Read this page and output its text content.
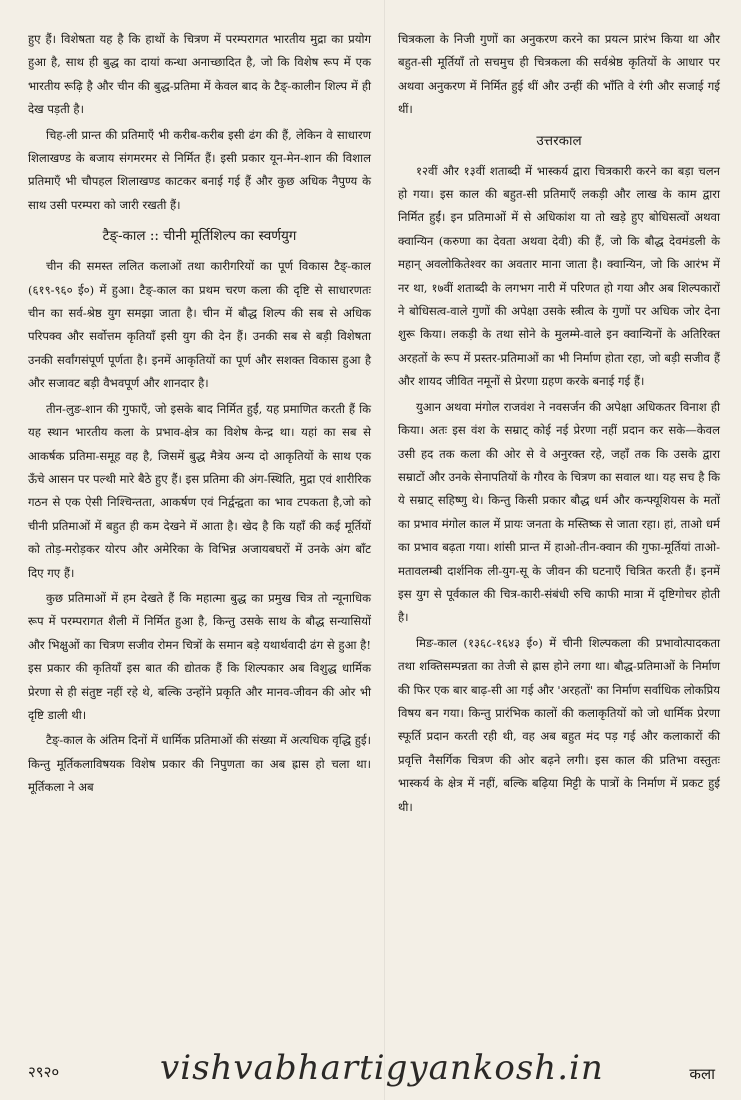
हुए हैं। विशेषता यह है कि हाथों के चित्रण में परम्परागत भारतीय मुद्रा का प्रयोग हुआ है, साथ ही बुद्ध का दायां कन्धा अनाच्छादित है, जो कि विशेष रूप में एक भारतीय रूढ़ि है और चीन की बुद्ध-प्रतिमा में केवल बाद के टैङ्-कालीन शिल्प में ही देख पड़ती है।

चिह-ली प्रान्त की प्रतिमाएँ भी करीब-करीब इसी ढंग की हैं, लेकिन वे साधारण शिलाखण्ड के बजाय संगमरमर से निर्मित हैं। इसी प्रकार यून-मेन-शान की विशाल प्रतिमाएँ भी चौपहल शिलाखण्ड काटकर बनाई गई हैं और कुछ अधिक नैपुण्य के साथ उसी परम्परा को जारी रखती हैं।

टैङ्-काल :: चीनी मूर्तिशिल्प का स्वर्णयुग

चीन की समस्त ललित कलाओं तथा कारीगरियों का पूर्ण विकास टैङ्-काल (६१९-९६० ई०) में हुआ। टैङ्-काल का प्रथम चरण कला की दृष्टि से साधारणतः चीन का सर्व-श्रेष्ठ युग समझा जाता है। चीन में बौद्ध शिल्प की सब से अधिक परिपक्व और सर्वोत्तम कृतियाँ इसी युग की देन हैं। उनकी सब से बड़ी विशेषता उनकी सर्वांगसंपूर्ण पूर्णता है। इनमें आकृतियों का पूर्ण और सशक्त विकास हुआ है और सजावट बड़ी वैभवपूर्ण और शानदार है।

तीन-लुङ-शान की गुफाएँ, जो इसके बाद निर्मित हुईं, यह प्रमाणित करती हैं कि यह स्थान भारतीय कला के प्रभाव-क्षेत्र का विशेष केन्द्र था। यहां का सब से आकर्षक प्रतिमा-समूह वह है, जिसमें बुद्ध मैत्रेय अन्य दो आकृतियों के साथ एक ऊँचे आसन पर पल्थी मारे बैठे हुए हैं। इस प्रतिमा की अंग-स्थिति, मुद्रा एवं शारीरिक गठन से एक ऐसी निश्चिन्तता, आकर्षण एवं निर्द्वन्द्वता का भाव टपकता है,जो को चीनी प्रतिमाओं में बहुत ही कम देखने में आता है। खेद है कि यहाँ की कई मूर्तियों को तोड़-मरोड़कर योरप और अमेरिका के विभिन्न अजायबघरों में उनके अंग बाँट दिए गए हैं।

कुछ प्रतिमाओं में हम देखते हैं कि महात्मा बुद्ध का प्रमुख चित्र तो न्यूनाधिक रूप में परम्परागत शैली में निर्मित हुआ है, किन्तु उसके साथ के बौद्ध सन्यासियों और भिक्षुओं का चित्रण सजीव रोमन चित्रों के समान बड़े यथार्थवादी ढंग से हुआ है! इस प्रकार की कृतियाँ इस बात की द्योतक हैं कि शिल्पकार अब विशुद्ध धार्मिक प्रेरणा से ही संतुष्ट नहीं रहे थे, बल्कि उन्होंने प्रकृति और मानव-जीवन की ओर भी दृष्टि डाली थी।

टैङ्-काल के अंतिम दिनों में धार्मिक प्रतिमाओं की संख्या में अत्यधिक वृद्धि हुई। किन्तु मूर्तिकलाविषयक विशेष प्रकार की निपुणता का अब ह्रास हो चला था। मूर्तिकला ने अब

चित्रकला के निजी गुणों का अनुकरण करने का प्रयत्न प्रारंभ किया था और बहुत-सी मूर्तियाँ तो सचमुच ही चित्रकला की सर्वश्रेष्ठ कृतियों के आधार पर अथवा अनुकरण में निर्मित हुई थीं और उन्हीं की भाँति वे रंगी और सजाई गई थीं।

उत्तरकाल

१२वीं और १३वीं शताब्दी में भास्कर्य द्वारा चित्रकारी करने का बड़ा चलन हो गया। इस काल की बहुत-सी प्रतिमाएँ लकड़ी और लाख के काम द्वारा निर्मित हुईं। इन प्रतिमाओं में से अधिकांश या तो खड़े हुए बोधिसत्वों अथवा क्वान्यिन (करुणा का देवता अथवा देवी) की हैं, जो कि बौद्ध देवमंडली के महान् अवलोकितेश्वर का अवतार माना जाता है। क्वान्यिन, जो कि आरंभ में नर था, १७वीं शताब्दी के लगभग नारी में परिणत हो गया और अब शिल्पकारों ने बोधिसत्व-वाले गुणों की अपेक्षा उसके स्त्रीत्व के गुणों पर अधिक जोर देना शुरू किया। लकड़ी के तथा सोने के मुलम्मे-वाले इन क्वान्यिनों के अतिरिक्त अरहतों के रूप में प्रस्तर-प्रतिमाओं का भी निर्माण होता रहा, जो बड़ी सजीव हैं और शायद जीवित नमूनों से प्रेरणा ग्रहण करके बनाई गई हैं।

युआन अथवा मंगोल राजवंश ने नवसर्जन की अपेक्षा अधिकतर विनाश ही किया। अतः इस वंश के सम्राट् कोई नई प्रेरणा नहीं प्रदान कर सके—केवल उसी हद तक कला की ओर से वे अनुरक्त रहे, जहाँ तक कि उसके द्वारा सम्राटों और उनके सेनापतियों के गौरव के चित्रण का सवाल था। यह सच है कि ये सम्राट् सहिष्णु थे। किन्तु किसी प्रकार बौद्ध धर्म और कन्फ्यूशियस के मतों का प्रभाव मंगोल काल में प्रायः जनता के मस्तिष्क से जाता रहा। हां, ताओ धर्म का प्रभाव बढ़ता गया। शांसी प्रान्त में हाओ-तीन-क्वान की गुफा-मूर्तियां ताओ-मतावलम्बी दार्शनिक ली-युग-सू के जीवन की घटनाएँ चित्रित करती हैं। इनमें इस युग से पूर्वकाल की चित्र-कारी-संबंधी रुचि काफी मात्रा में दृष्टिगोचर होती है।

मिङ-काल (१३६८-१६४३ ई०) में चीनी शिल्पकला की प्रभावोत्पादकता तथा शक्तिसम्पन्नता का तेजी से ह्रास होने लगा था। बौद्ध-प्रतिमाओं के निर्माण की फिर एक बार बाढ़-सी आ गई और 'अरहतों' का निर्माण सर्वाधिक लोकप्रिय विषय बन गया। किन्तु प्रारंभिक कालों की कलाकृतियों को जो धार्मिक प्रेरणा स्फूर्ति प्रदान करती रही थी, वह अब बहुत मंद पड़ गई और कलाकारों की प्रवृत्ति नैसर्गिक चित्रण की ओर बढ़ने लगी। इस काल की प्रतिभा वस्तुतः भास्कर्य के क्षेत्र में नहीं, बल्कि बढ़िया मिट्टी के पात्रों के निर्माण में प्रकट हुई थी।

२९२०	vishvabhartigyankosh.in	कला
